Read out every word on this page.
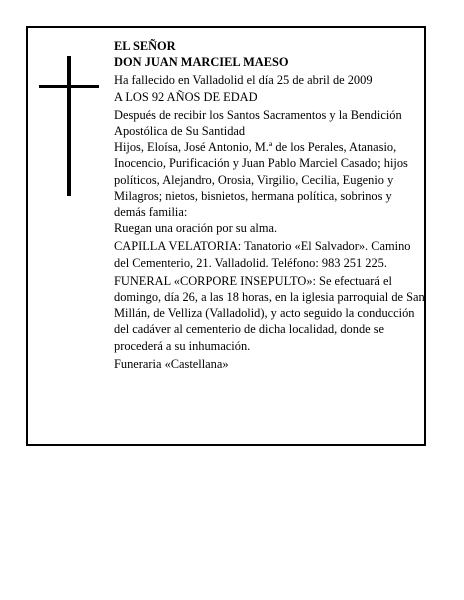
EL SEÑOR

DON JUAN MARCIEL MAESO

Ha fallecido en Valladolid el día 25 de abril de 2009

A LOS 92 AÑOS DE EDAD

Después de recibir los Santos Sacramentos y la Bendición Apostólica de Su Santidad

Hijos, Eloísa, José Antonio, M.ª de los Perales, Atanasio, Inocencio, Purificación y Juan Pablo Marciel Casado; hijos políticos, Alejandro, Orosia, Virgilio, Cecilia, Eugenio y Milagros; nietos, bisnietos, hermana política, sobrinos y demás familia:

Ruegan una oración por su alma.

CAPILLA VELATORIA: Tanatorio «El Salvador». Camino del Cementerio, 21. Valladolid. Teléfono: 983 251 225.

FUNERAL «CORPORE INSEPULTO»: Se efectuará el domingo, día 26, a las 18 horas, en la iglesia parroquial de San Millán, de Velliza (Valladolid), y acto seguido la conducción del cadáver al cementerio de dicha localidad, donde se procederá a su inhumación.

Funeraria «Castellana»
